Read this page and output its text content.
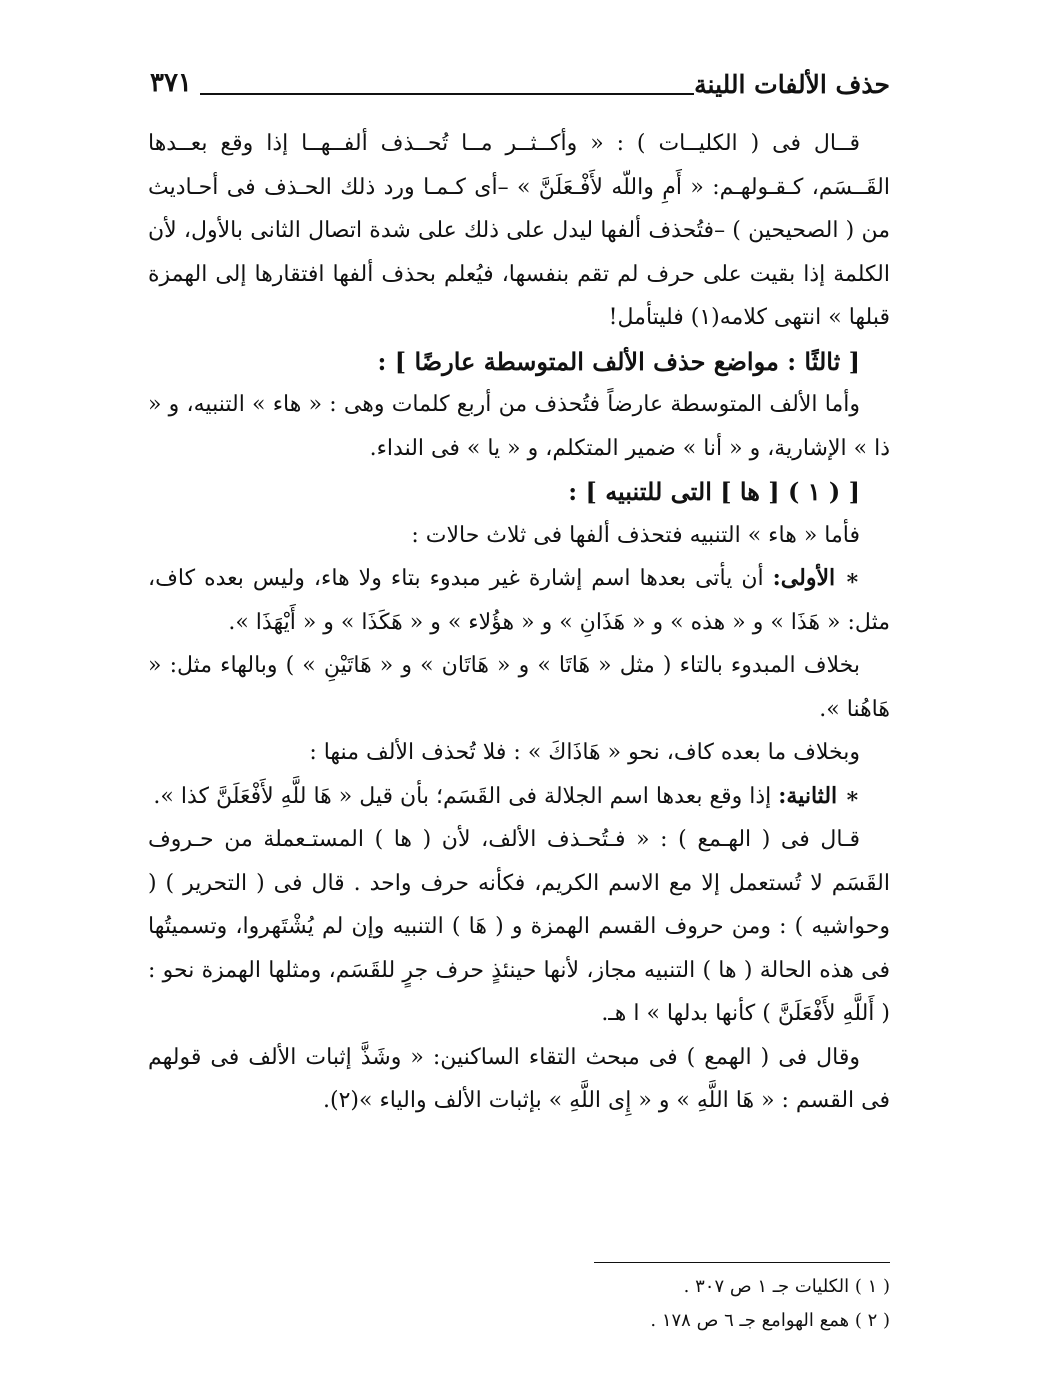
حذف الألفات اللينة
٣٧١

قــال فى ( الكليــات ) : « وأكــثــر مــا تُحــذف ألفــهــا إذا وقع بعــدها القَــسَم، كـقـولهـم: « أَمِ واللّه لأَفْـعَلَنَّ » –أى كـمـا ورد ذلك الحـذف فى أحـاديث من ( الصحيحين ) –فتُحذف ألفها ليدل على ذلك على شدة اتصال الثانى بالأول، لأن الكلمة إذا بقيت على حرف لم تقم بنفسها، فيُعلم بحذف ألفها افتقارها إلى الهمزة قبلها » انتهى كلامه(١) فليتأمل!

[ ثالثًا : مواضع حذف الألف المتوسطة عارضًا ] :

وأما الألف المتوسطة عارضاً فتُحذف من أربع كلمات وهى : « هاء » التنبيه، و « ذا » الإشارية، و « أنا » ضمير المتكلم، و « يا » فى النداء.

[ ( ١ ) [ ها ] التى للتنبيه ] :

فأما « هاء » التنبيه فتحذف ألفها فى ثلاث حالات :

∗ الأولى: أن يأتى بعدها اسم إشارة غير مبدوء بتاء ولا هاء، وليس بعده كاف، مثل: « هَذَا » و « هذه » و « هَذَانِ » و « هؤُلاء » و « هَكَذَا » و « أَيْهَذَا ».

بخلاف المبدوء بالتاء ( مثل « هَاتَا » و « هَاتَان » و « هَاتَيْنِ » ) وبالهاء مثل: « هَاهُنا ».

وبخلاف ما بعده كاف، نحو « هَاذَاكَ » : فلا تُحذف الألف منها :

∗ الثانية: إذا وقع بعدها اسم الجلالة فى القَسَم؛ بأن قيل « هَا للَّهِ لأَفْعَلَنَّ كذا ».

قـال فى ( الهـمع ) : « فـتُحـذف الألف، لأن ( ها ) المستـعملة من حـروف القَسَم لا تُستعمل إلا مع الاسم الكريم، فكأنه حرف واحد . قال فى ( التحرير ) ( وحواشيه ) : ومن حروف القسم الهمزة و ( هَا ) التنبيه وإن لم يُشْتَهروا، وتسميتُها فى هذه الحالة ( ها ) التنبيه مجاز، لأنها حينئذٍ حرف جرٍ للقَسَم، ومثلها الهمزة نحو : ( أَللَّهِ لأَفْعَلَنَّ ) كأنها بدلها » ا هـ.

وقال فى ( الهمع ) فى مبحث التقاء الساكنين: « وشَذَّ إثبات الألف فى قولهم فى القسم : « هَا اللَّهِ » و « إِى اللَّهِ » بإثبات الألف والياء »(٢).

( ١ ) الكليات جـ ١ ص ٣٠٧ .

( ٢ ) همع الهوامع جـ ٦ ص ١٧٨ .
